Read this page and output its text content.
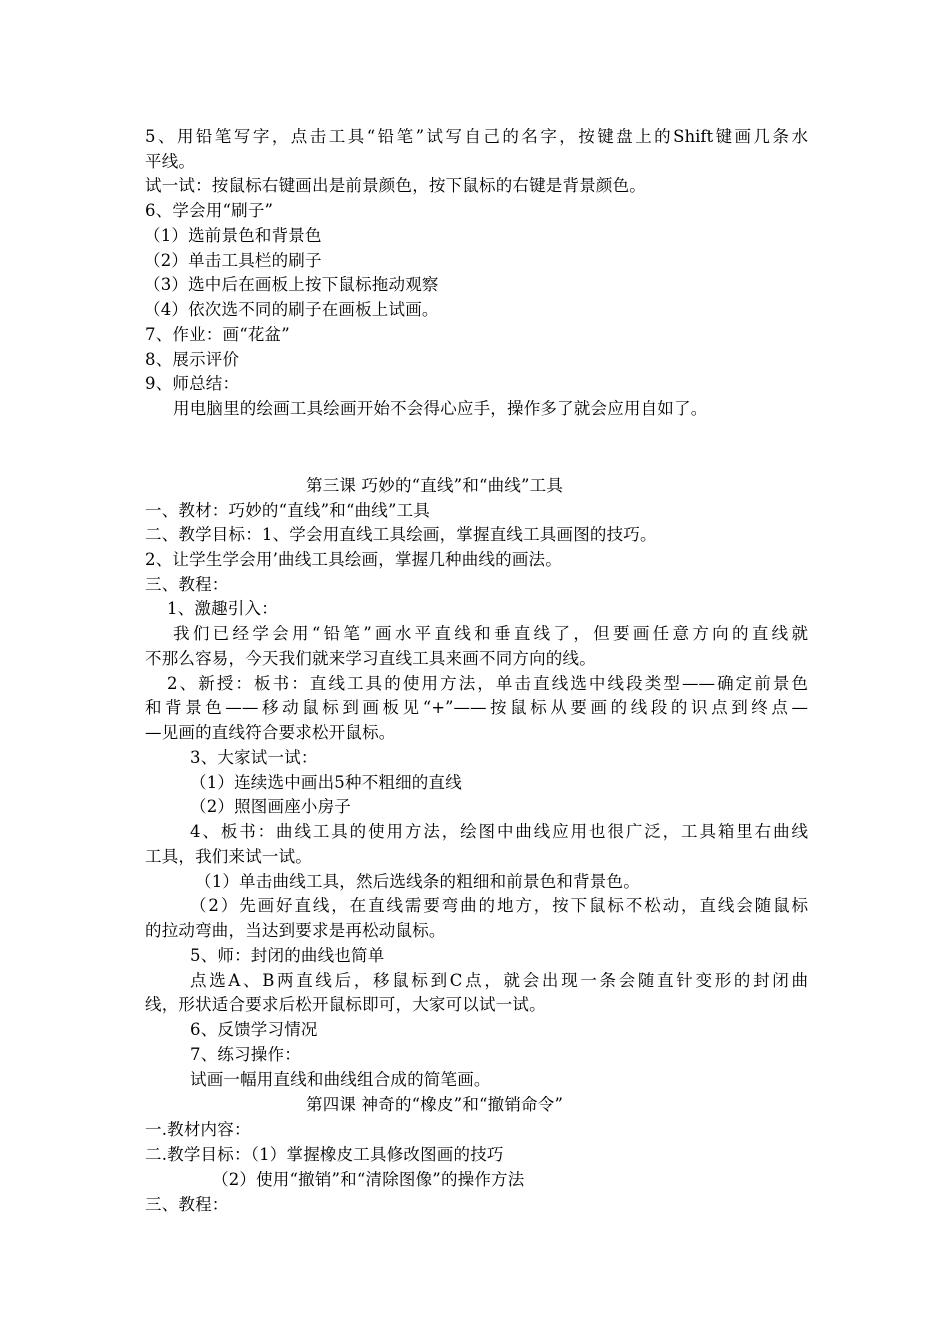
5、用铅笔写字，点击工具“铅笔”试写自己的名字，按键盘上的Shift键画几条水
平线。
试一试：按鼠标右键画出是前景颜色，按下鼠标的右键是背景颜色。
6、学会用“刷子”
（1）选前景色和背景色
（2）单击工具栏的刷子
（3）选中后在画板上按下鼠标拖动观察
（4）依次选不同的刷子在画板上试画。
7、作业：画“花盆”
8、展示评价
9、师总结：
用电脑里的绘画工具绘画开始不会得心应手，操作多了就会应用自如了。
第三课 巧妙的“直线”和“曲线”工具
一、教材：巧妙的“直线”和“曲线”工具
二、教学目标：1、学会用直线工具绘画，掌握直线工具画图的技巧。
2、让学生学会用’曲线工具绘画，掌握几种曲线的画法。
三、教程：
1、激趣引入：
我们已经学会用“铅笔”画水平直线和垂直线了，但要画任意方向的直线就
不那么容易，今天我们就来学习直线工具来画不同方向的线。
2、新授：板书：直线工具的使用方法，单击直线选中线段类型——确定前景色
和背景色——移动鼠标到画板见“+”——按鼠标从要画的线段的识点到终点—
—见画的直线符合要求松开鼠标。
3、大家试一试：
（1）连续选中画出5种不粗细的直线
（2）照图画座小房子
4、板书：曲线工具的使用方法，绘图中曲线应用也很广泛，工具箱里右曲线
工具，我们来试一试。
（1）单击曲线工具，然后选线条的粗细和前景色和背景色。
（2）先画好直线，在直线需要弯曲的地方，按下鼠标不松动，直线会随鼠标
的拉动弯曲，当达到要求是再松动鼠标。
5、师：封闭的曲线也简单
点选A、B两直线后，移鼠标到C点，就会出现一条会随直针变形的封闭曲
线，形状适合要求后松开鼠标即可，大家可以试一试。
6、反馈学习情况
7、练习操作：
试画一幅用直线和曲线组合成的简笔画。
第四课 神奇的“橡皮”和“撤销命令”
一.教材内容：
二.教学目标：（1）掌握橡皮工具修改图画的技巧
（2）使用“撤销”和“清除图像”的操作方法
三、教程：
